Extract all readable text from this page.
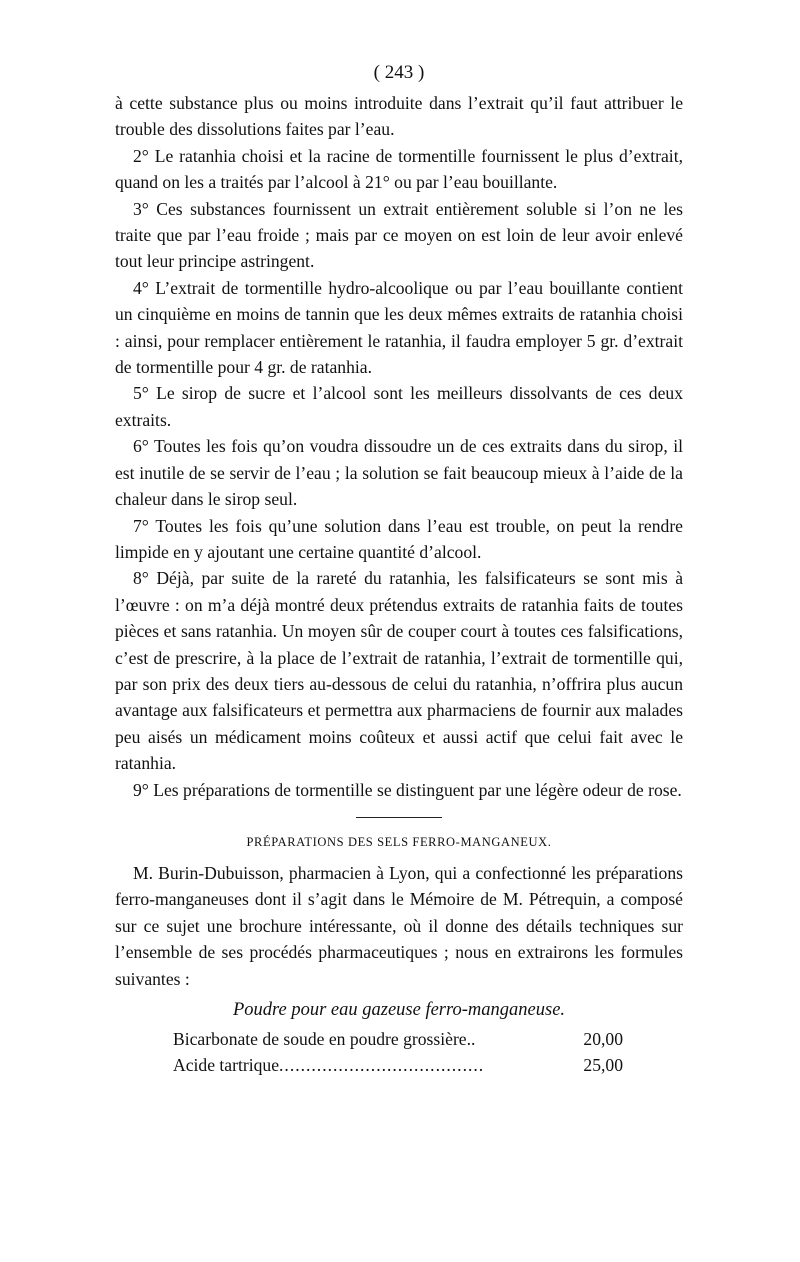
( 243 )

à cette substance plus ou moins introduite dans l’extrait qu’il faut attribuer le trouble des dissolutions faites par l’eau.

2° Le ratanhia choisi et la racine de tormentille fournissent le plus d’extrait, quand on les a traités par l’alcool à 21° ou par l’eau bouillante.

3° Ces substances fournissent un extrait entièrement soluble si l’on ne les traite que par l’eau froide ; mais par ce moyen on est loin de leur avoir enlevé tout leur principe astringent.

4° L’extrait de tormentille hydro-alcoolique ou par l’eau bouillante contient un cinquième en moins de tannin que les deux mêmes extraits de ratanhia choisi : ainsi, pour remplacer entièrement le ratanhia, il faudra employer 5 gr. d’extrait de tormentille pour 4 gr. de ratanhia.

5° Le sirop de sucre et l’alcool sont les meilleurs dissolvants de ces deux extraits.

6° Toutes les fois qu’on voudra dissoudre un de ces extraits dans du sirop, il est inutile de se servir de l’eau ; la solution se fait beaucoup mieux à l’aide de la chaleur dans le sirop seul.

7° Toutes les fois qu’une solution dans l’eau est trouble, on peut la rendre limpide en y ajoutant une certaine quantité d’alcool.

8° Déjà, par suite de la rareté du ratanhia, les falsificateurs se sont mis à l’œuvre : on m’a déjà montré deux prétendus extraits de ratanhia faits de toutes pièces et sans ratanhia. Un moyen sûr de couper court à toutes ces falsifications, c’est de prescrire, à la place de l’extrait de ratanhia, l’extrait de tormentille qui, par son prix des deux tiers au-dessous de celui du ratanhia, n’offrira plus aucun avantage aux falsificateurs et permettra aux pharmaciens de fournir aux malades peu aisés un médicament moins coûteux et aussi actif que celui fait avec le ratanhia.

9° Les préparations de tormentille se distinguent par une légère odeur de rose.

PRÉPARATIONS DES SELS FERRO-MANGANEUX.

M. Burin-Dubuisson, pharmacien à Lyon, qui a confectionné les préparations ferro-manganeuses dont il s’agit dans le Mémoire de M. Pétrequin, a composé sur ce sujet une brochure intéressante, où il donne des détails techniques sur l’ensemble de ses procédés pharmaceutiques ; nous en extrairons les formules suivantes :

Poudre pour eau gazeuse ferro-manganeuse.
Bicarbonate de soude en poudre grossière. .	20,00
Acide tartrique ......................................	25,00
